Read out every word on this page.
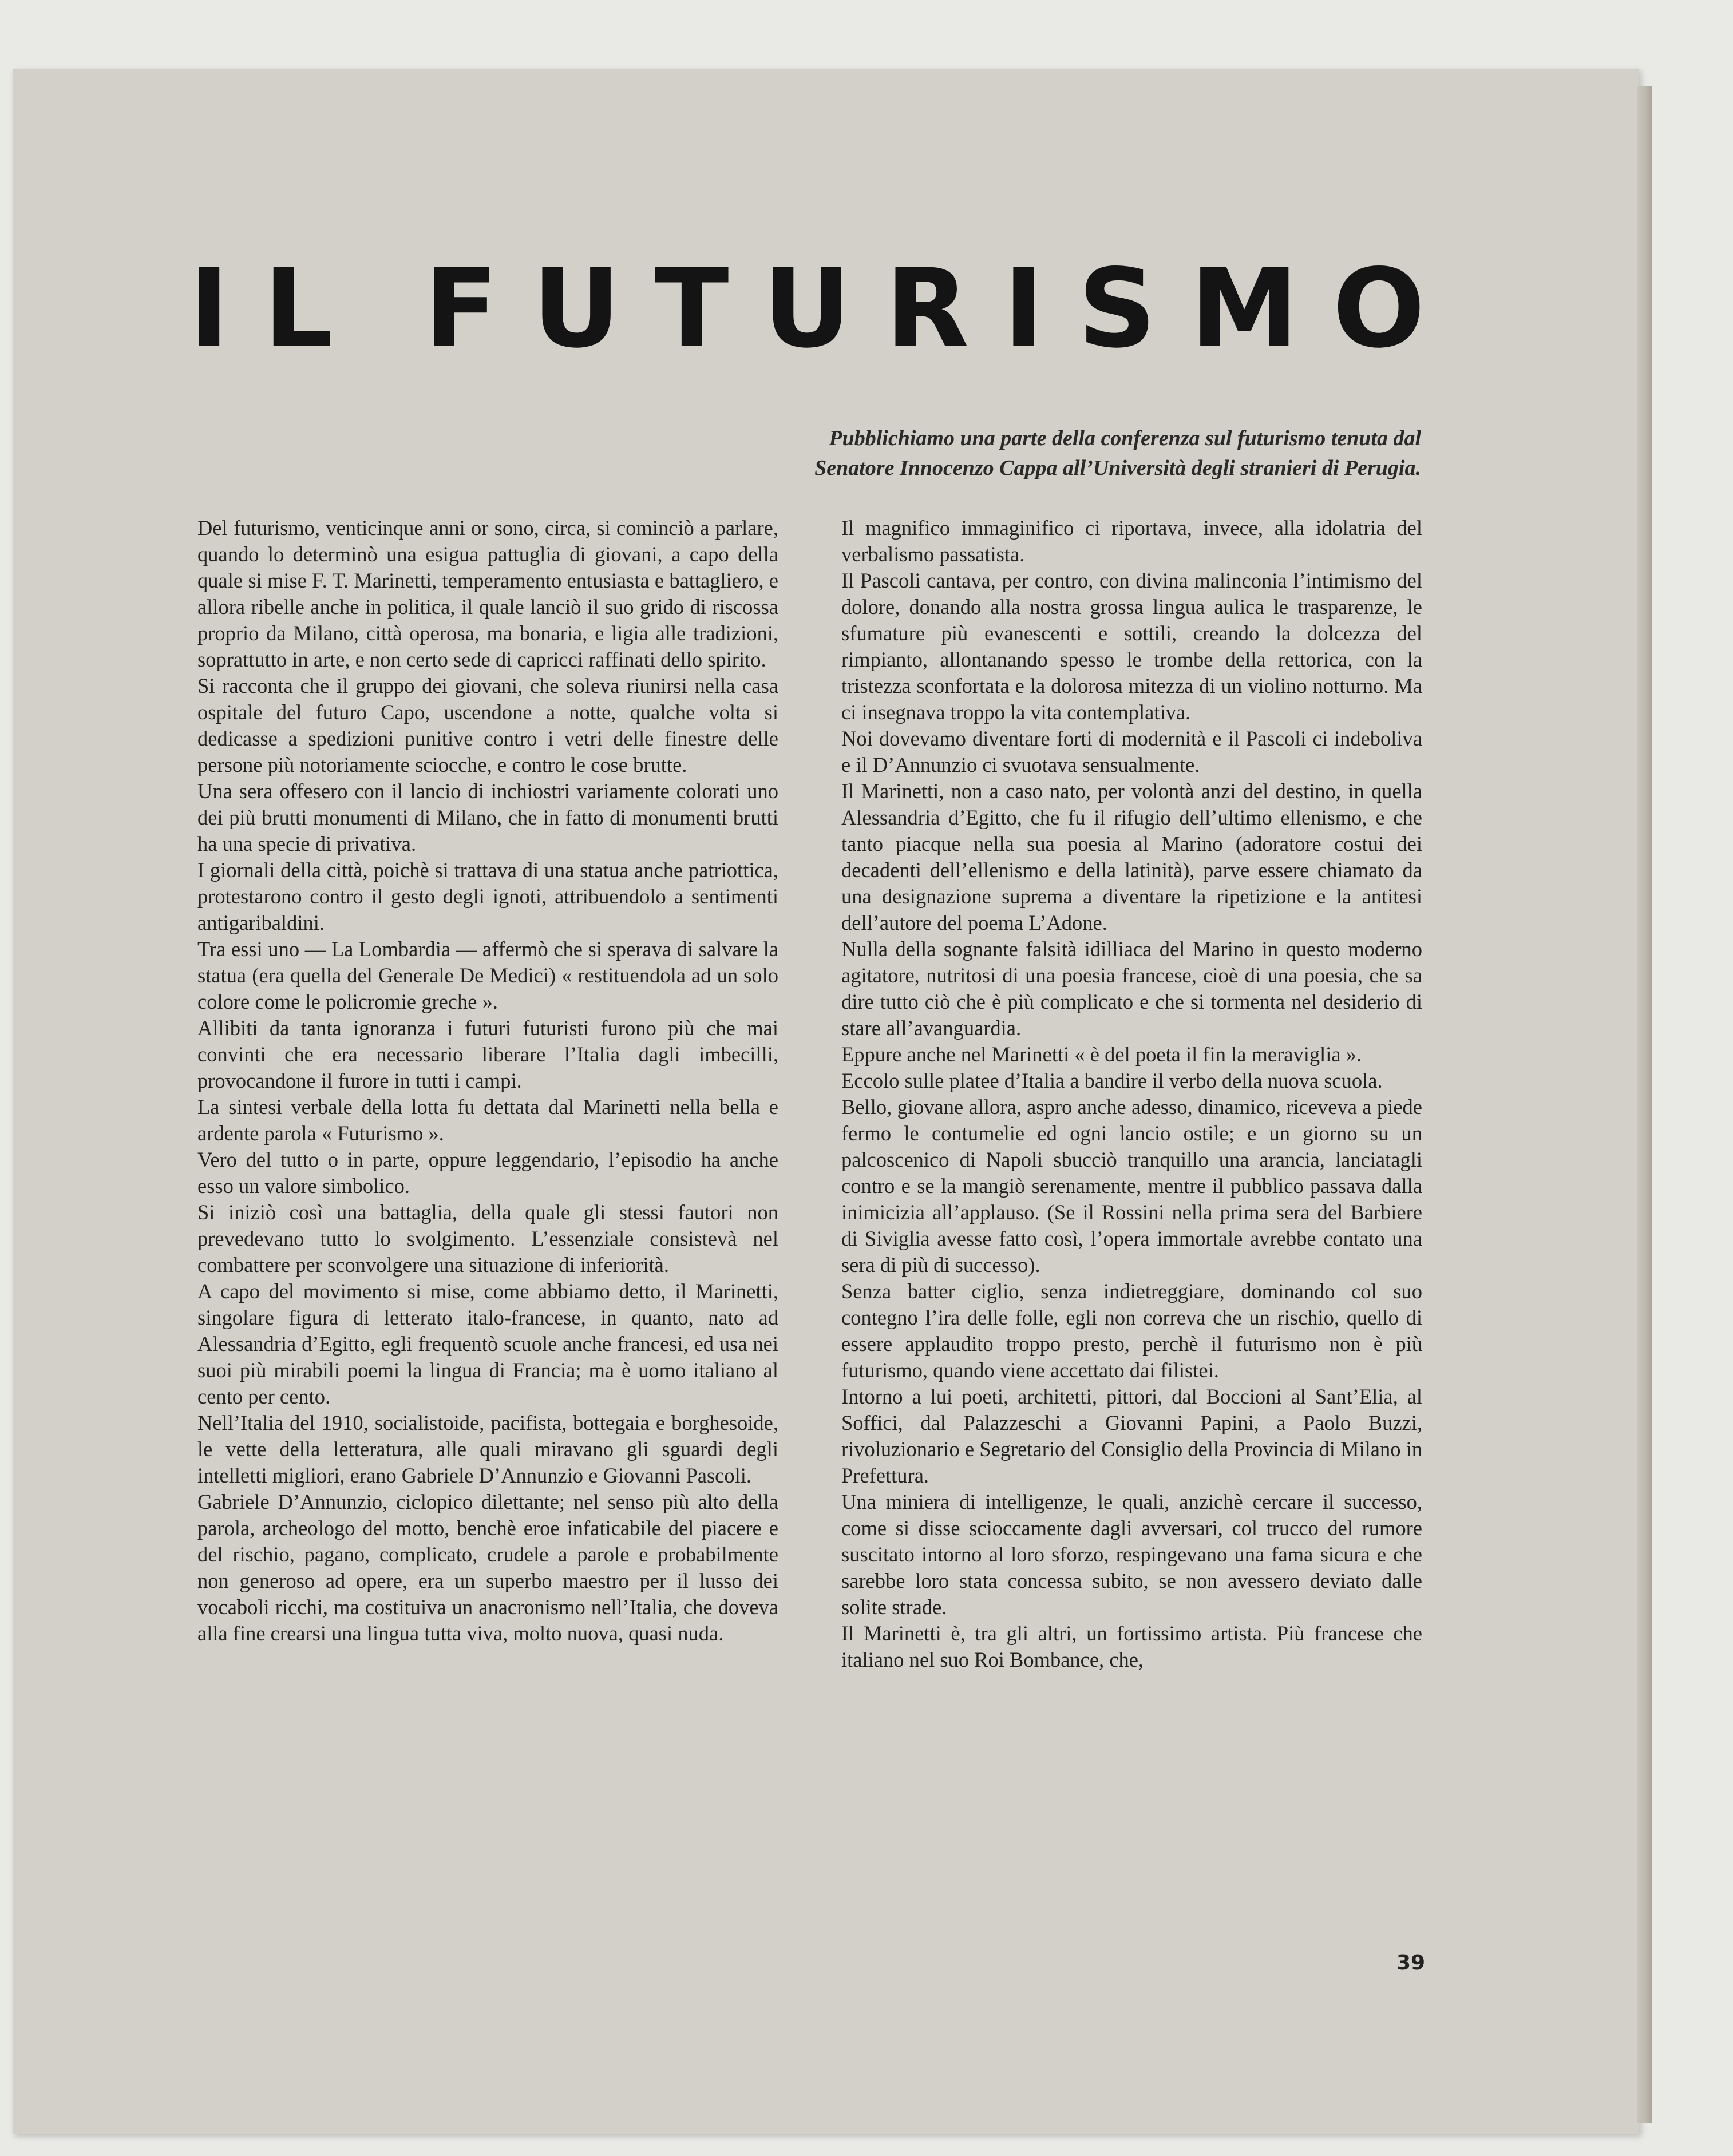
I L F U T U R I S M O
Pubblichiamo una parte della conferenza sul futurismo tenuta dal
Senatore Innocenzo Cappa all’Università degli stranieri di Perugia.

Del futurismo, venticinque anni or sono, circa, si cominciò a parlare, quando lo determinò una esigua pattuglia di giovani, a capo della quale si mise F. T. Marinetti, temperamento entusiasta e battagliero, e allora ribelle anche in politica, il quale lanciò il suo grido di riscossa proprio da Milano, città operosa, ma bonaria, e ligia alle tradizioni, soprattutto in arte, e non certo sede di capricci raffinati dello spirito.

Si racconta che il gruppo dei giovani, che soleva riunirsi nella casa ospitale del futuro Capo, uscendone a notte, qualche volta si dedicasse a spedizioni punitive contro i vetri delle finestre delle persone più notoriamente sciocche, e contro le cose brutte.

Una sera offesero con il lancio di inchiostri variamente colorati uno dei più brutti monumenti di Milano, che in fatto di monumenti brutti ha una specie di privativa.

I giornali della città, poichè si trattava di una statua anche patriottica, protestarono contro il gesto degli ignoti, attribuendolo a sentimenti antigaribaldini.

Tra essi uno — La Lombardia — affermò che si sperava di salvare la statua (era quella del Generale De Medici) « restituendola ad un solo colore come le policromie greche ».

Allibiti da tanta ignoranza i futuri futuristi furono più che mai convinti che era necessario liberare l’Italia dagli imbecilli, provocandone il furore in tutti i campi.

La sintesi verbale della lotta fu dettata dal Marinetti nella bella e ardente parola « Futurismo ».

Vero del tutto o in parte, oppure leggendario, l’episodio ha anche esso un valore simbolico.

Si iniziò così una battaglia, della quale gli stessi fautori non prevedevano tutto lo svolgimento. L’essenziale consistevà nel combattere per sconvolgere una situazione di inferiorità.

A capo del movimento si mise, come abbiamo detto, il Marinetti, singolare figura di letterato italo-francese, in quanto, nato ad Alessandria d’Egitto, egli frequentò scuole anche francesi, ed usa nei suoi più mirabili poemi la lingua di Francia; ma è uomo italiano al cento per cento.

Nell’Italia del 1910, socialistoide, pacifista, bottegaia e borghesoide, le vette della letteratura, alle quali miravano gli sguardi degli intelletti migliori, erano Gabriele D’Annunzio e Giovanni Pascoli.

Gabriele D’Annunzio, ciclopico dilettante; nel senso più alto della parola, archeologo del motto, benchè eroe infaticabile del piacere e del rischio, pagano, complicato, crudele a parole e probabilmente non generoso ad opere, era un superbo maestro per il lusso dei vocaboli ricchi, ma costituiva un anacronismo nell’Italia, che doveva alla fine crearsi una lingua tutta viva, molto nuova, quasi nuda.

Il magnifico immaginifico ci riportava, invece, alla idolatria del verbalismo passatista.

Il Pascoli cantava, per contro, con divina malinconia l’intimismo del dolore, donando alla nostra grossa lingua aulica le trasparenze, le sfumature più evanescenti e sottili, creando la dolcezza del rimpianto, allontanando spesso le trombe della rettorica, con la tristezza sconfortata e la dolorosa mitezza di un violino notturno. Ma ci insegnava troppo la vita contemplativa.

Noi dovevamo diventare forti di modernità e il Pascoli ci indeboliva e il D’Annunzio ci svuotava sensualmente.

Il Marinetti, non a caso nato, per volontà anzi del destino, in quella Alessandria d’Egitto, che fu il rifugio dell’ultimo ellenismo, e che tanto piacque nella sua poesia al Marino (adoratore costui dei decadenti dell’ellenismo e della latinità), parve essere chiamato da una designazione suprema a diventare la ripetizione e la antitesi dell’autore del poema L’Adone.

Nulla della sognante falsità idilliaca del Marino in questo moderno agitatore, nutritosi di una poesia francese, cioè di una poesia, che sa dire tutto ciò che è più complicato e che si tormenta nel desiderio di stare all’avanguardia.

Eppure anche nel Marinetti « è del poeta il fin la meraviglia ».

Eccolo sulle platee d’Italia a bandire il verbo della nuova scuola.

Bello, giovane allora, aspro anche adesso, dinamico, riceveva a piede fermo le contumelie ed ogni lancio ostile; e un giorno su un palcoscenico di Napoli sbucciò tranquillo una arancia, lanciatagli contro e se la mangiò serenamente, mentre il pubblico passava dalla inimicizia all’applauso. (Se il Rossini nella prima sera del Barbiere di Siviglia avesse fatto così, l’opera immortale avrebbe contato una sera di più di successo).

Senza batter ciglio, senza indietreggiare, dominando col suo contegno l’ira delle folle, egli non correva che un rischio, quello di essere applaudito troppo presto, perchè il futurismo non è più futurismo, quando viene accettato dai filistei.

Intorno a lui poeti, architetti, pittori, dal Boccioni al Sant’Elia, al Soffici, dal Palazzeschi a Giovanni Papini, a Paolo Buzzi, rivoluzionario e Segretario del Consiglio della Provincia di Milano in Prefettura.

Una miniera di intelligenze, le quali, anzichè cercare il successo, come si disse scioccamente dagli avversari, col trucco del rumore suscitato intorno al loro sforzo, respingevano una fama sicura e che sarebbe loro stata concessa subito, se non avessero deviato dalle solite strade.

Il Marinetti è, tra gli altri, un fortissimo artista. Più francese che italiano nel suo Roi Bombance, che,

39
